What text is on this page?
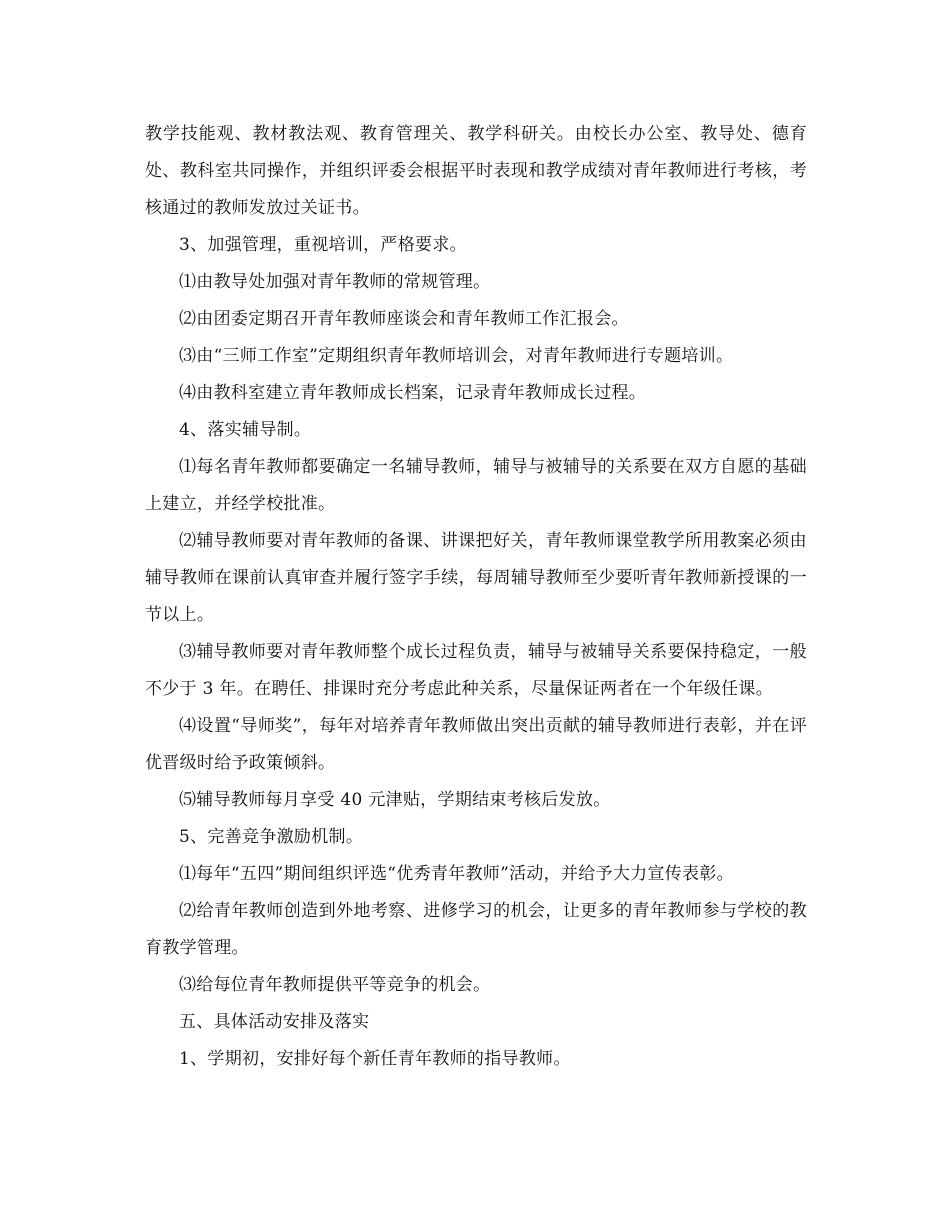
教学技能观、教材教法观、教育管理关、教学科研关。由校长办公室、教导处、德育处、教科室共同操作，并组织评委会根据平时表现和教学成绩对青年教师进行考核，考核通过的教师发放过关证书。

3、加强管理，重视培训，严格要求。

⑴由教导处加强对青年教师的常规管理。

⑵由团委定期召开青年教师座谈会和青年教师工作汇报会。

⑶由“三师工作室”定期组织青年教师培训会，对青年教师进行专题培训。

⑷由教科室建立青年教师成长档案，记录青年教师成长过程。

4、落实辅导制。

⑴每名青年教师都要确定一名辅导教师，辅导与被辅导的关系要在双方自愿的基础上建立，并经学校批准。

⑵辅导教师要对青年教师的备课、讲课把好关，青年教师课堂教学所用教案必须由辅导教师在课前认真审查并履行签字手续，每周辅导教师至少要听青年教师新授课的一节以上。

⑶辅导教师要对青年教师整个成长过程负责，辅导与被辅导关系要保持稳定，一般不少于 3 年。在聘任、排课时充分考虑此种关系，尽量保证两者在一个年级任课。

⑷设置“导师奖”，每年对培养青年教师做出突出贡献的辅导教师进行表彰，并在评优晋级时给予政策倾斜。

⑸辅导教师每月享受 40 元津贴，学期结束考核后发放。

5、完善竞争激励机制。

⑴每年“五四”期间组织评选“优秀青年教师”活动，并给予大力宣传表彰。

⑵给青年教师创造到外地考察、进修学习的机会，让更多的青年教师参与学校的教育教学管理。

⑶给每位青年教师提供平等竞争的机会。

五、具体活动安排及落实

1、学期初，安排好每个新任青年教师的指导教师。
